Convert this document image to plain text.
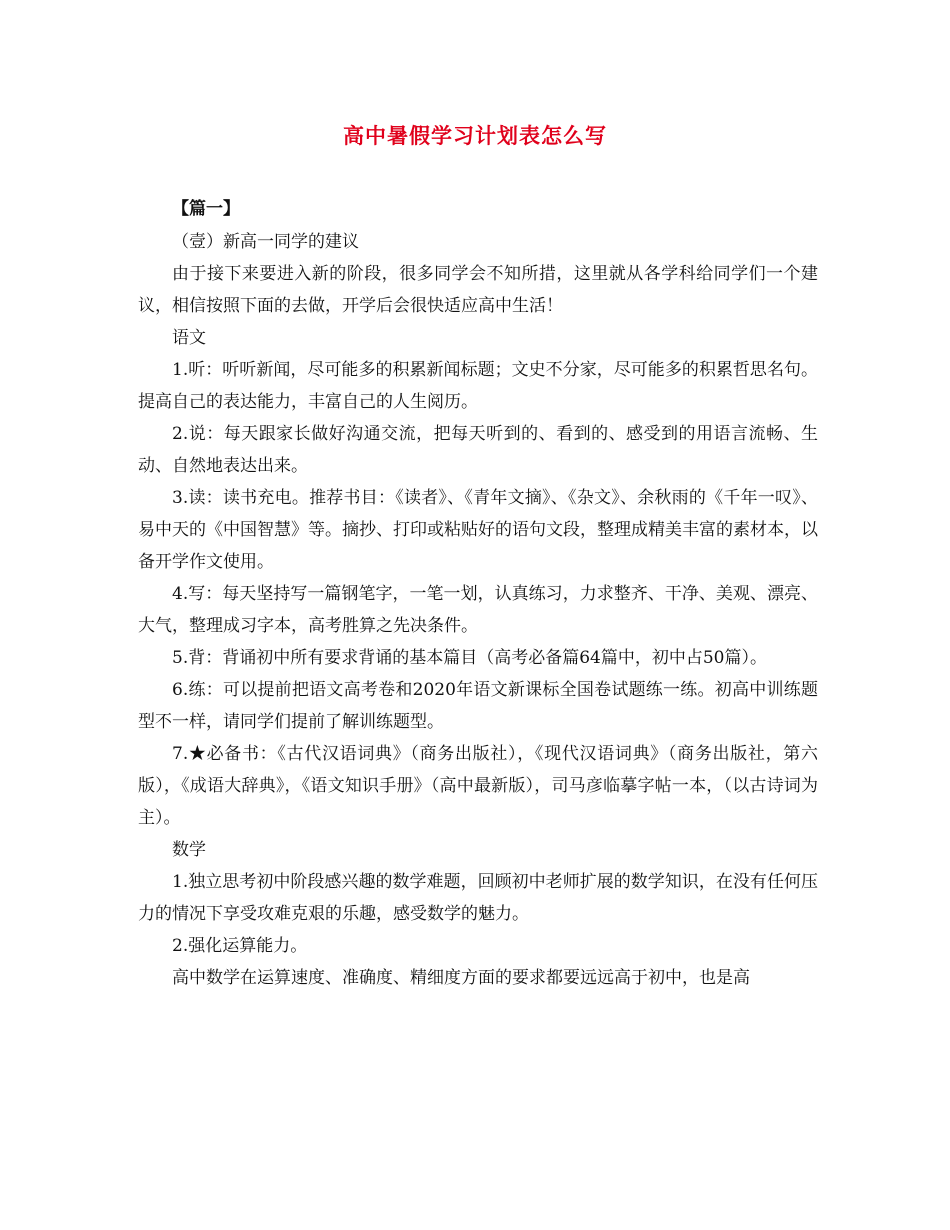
高中暑假学习计划表怎么写
【篇一】

（壹）新高一同学的建议

由于接下来要进入新的阶段，很多同学会不知所措，这里就从各学科给同学们一个建议，相信按照下面的去做，开学后会很快适应高中生活！

语文

1.听：听听新闻，尽可能多的积累新闻标题；文史不分家，尽可能多的积累哲思名句。提高自己的表达能力，丰富自己的人生阅历。

2.说：每天跟家长做好沟通交流，把每天听到的、看到的、感受到的用语言流畅、生动、自然地表达出来。

3.读：读书充电。推荐书目：《读者》、《青年文摘》、《杂文》、余秋雨的《千年一叹》、易中天的《中国智慧》等。摘抄、打印或粘贴好的语句文段，整理成精美丰富的素材本，以备开学作文使用。

4.写：每天坚持写一篇钢笔字，一笔一划，认真练习，力求整齐、干净、美观、漂亮、大气，整理成习字本，高考胜算之先决条件。

5.背：背诵初中所有要求背诵的基本篇目（高考必备篇64篇中，初中占50篇）。

6.练：可以提前把语文高考卷和2020年语文新课标全国卷试题练一练。初高中训练题型不一样，请同学们提前了解训练题型。

7.★必备书：《古代汉语词典》（商务出版社），《现代汉语词典》（商务出版社，第六版），《成语大辞典》，《语文知识手册》（高中最新版），司马彦临摹字帖一本，（以古诗词为主）。

数学

1.独立思考初中阶段感兴趣的数学难题，回顾初中老师扩展的数学知识，在没有任何压力的情况下享受攻难克艰的乐趣，感受数学的魅力。

2.强化运算能力。

高中数学在运算速度、准确度、精细度方面的要求都要远远高于初中，也是高
